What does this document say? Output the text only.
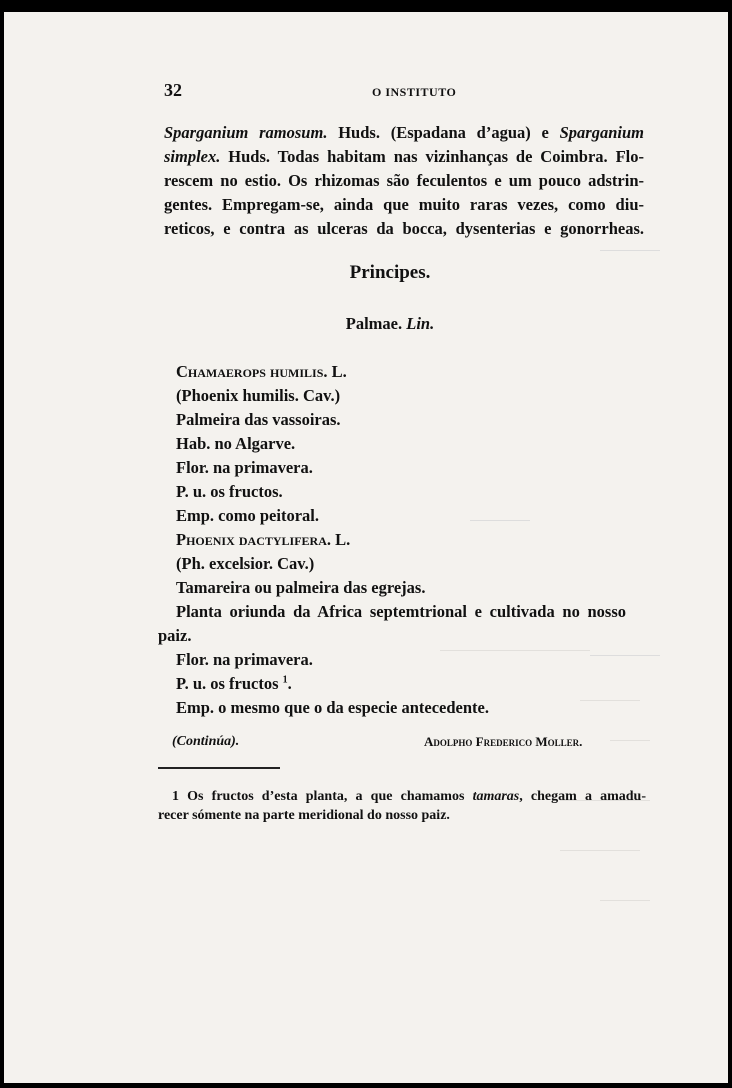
32	O INSTITUTO
Sparganium ramosum. Huds. (Espadana d’agua) e Sparganium
simplex. Huds. Todas habitam nas vizinhanças de Coimbra. Flo-
rescem no estio. Os rhizomas são feculentos e um pouco adstrin-
gentes. Empregam-se, ainda que muito raras vezes, como diu-
reticos, e contra as ulceras da bocca, dysenterias e gonorrheas.
Principes.
Palmae. Lin.
Chamaerops humilis. L.
(Phoenix humilis. Cav.)
Palmeira das vassoiras.
Hab. no Algarve.
Flor. na primavera.
P. u. os fructos.
Emp. como peitoral.
Phoenix dactylifera. L.
(Ph. excelsior. Cav.)
Tamareira ou palmeira das egrejas.
Planta oriunda da Africa septemtrional e cultivada no nosso
paiz.
Flor. na primavera.
P. u. os fructos $^1$.
Emp. o mesmo que o da especie antecedente.
(Continúa).	Adolpho Frederico Moller.
1 Os fructos d’esta planta, a que chamamos tamaras, chegam a amadu-
recer sómente na parte meridional do nosso paiz.
